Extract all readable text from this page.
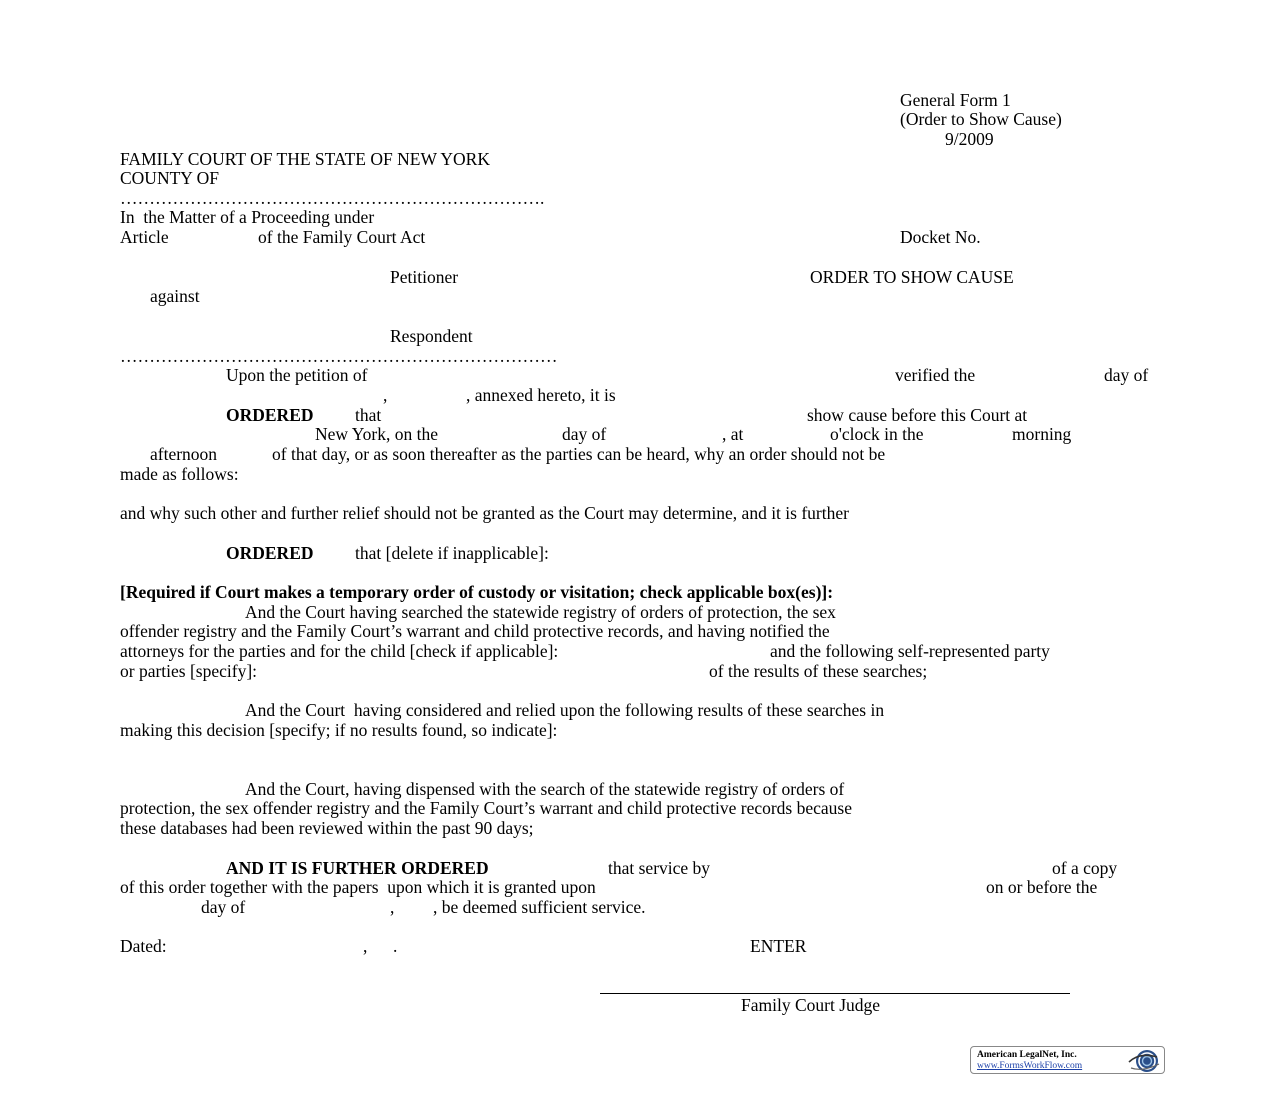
General Form 1
(Order to Show Cause)
9/2009
FAMILY COURT OF THE STATE OF NEW YORK
COUNTY OF
……………………………………………………………….
In  the Matter of a Proceeding under
Article	of the Family Court Act	Docket No.
Petitioner	ORDER TO SHOW CAUSE
against
Respondent
…………………………………………………………………
Upon the petition of	verified the	day of
,	, annexed hereto, it is
ORDERED that	show cause before this Court at
New York, on the	day of	, at	o'clock in the	morning
afternoon	of that day, or as soon thereafter as the parties can be heard, why an order should not be
made as follows:
and why such other and further relief should not be granted as the Court may determine, and it is further
ORDERED that [delete if inapplicable]:
[Required if Court makes a temporary order of custody or visitation; check applicable box(es)]:
And the Court having searched the statewide registry of orders of protection, the sex
offender registry and the Family Court’s warrant and child protective records, and having notified the
attorneys for the parties and for the child [check if applicable]:	and the following self-represented party
or parties [specify]:	of the results of these searches;
And the Court  having considered and relied upon the following results of these searches in
making this decision [specify; if no results found, so indicate]:
And the Court, having dispensed with the search of the statewide registry of orders of
protection, the sex offender registry and the Family Court’s warrant and child protective records because
these databases had been reviewed within the past 90 days;
AND IT IS FURTHER ORDERED	that service by	of a copy
of this order together with the papers  upon which it is granted upon	on or before the
day of	, , be deemed sufficient service.
Dated:	, .	ENTER
Family Court Judge
American LegalNet, Inc.
www.FormsWorkFlow.com
